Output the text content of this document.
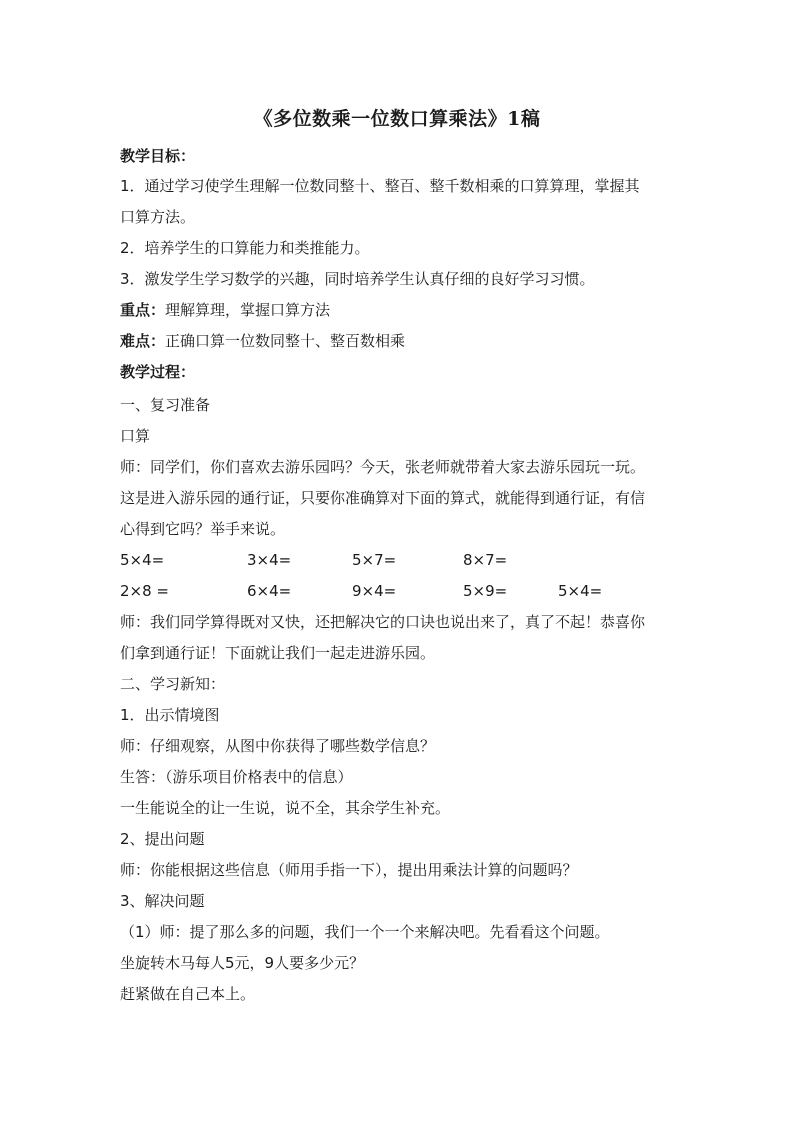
《多位数乘一位数口算乘法》1稿
教学目标：
1．通过学习使学生理解一位数同整十、整百、整千数相乘的口算算理，掌握其
口算方法。
2．培养学生的口算能力和类推能力。
3．激发学生学习数学的兴趣，同时培养学生认真仔细的良好学习习惯。
重点：理解算理，掌握口算方法
难点：正确口算一位数同整十、整百数相乘
教学过程：
一、复习准备
口算
师：同学们，你们喜欢去游乐园吗？今天，张老师就带着大家去游乐园玩一玩。
这是进入游乐园的通行证，只要你准确算对下面的算式，就能得到通行证，有信
心得到它吗？举手来说。
5×4=	3×4=	5×7=	8×7=
2×8 =	6×4=	9×4=	5×9=	5×4=
师：我们同学算得既对又快，还把解决它的口诀也说出来了，真了不起！恭喜你
们拿到通行证！下面就让我们一起走进游乐园。
二、学习新知：
1．出示情境图
师：仔细观察，从图中你获得了哪些数学信息？
生答：（游乐项目价格表中的信息）
一生能说全的让一生说，说不全，其余学生补充。
2、提出问题
师：你能根据这些信息（师用手指一下），提出用乘法计算的问题吗？
3、解决问题
（1）师：提了那么多的问题，我们一个一个来解决吧。先看看这个问题。
坐旋转木马每人5元，9人要多少元？
赶紧做在自己本上。
